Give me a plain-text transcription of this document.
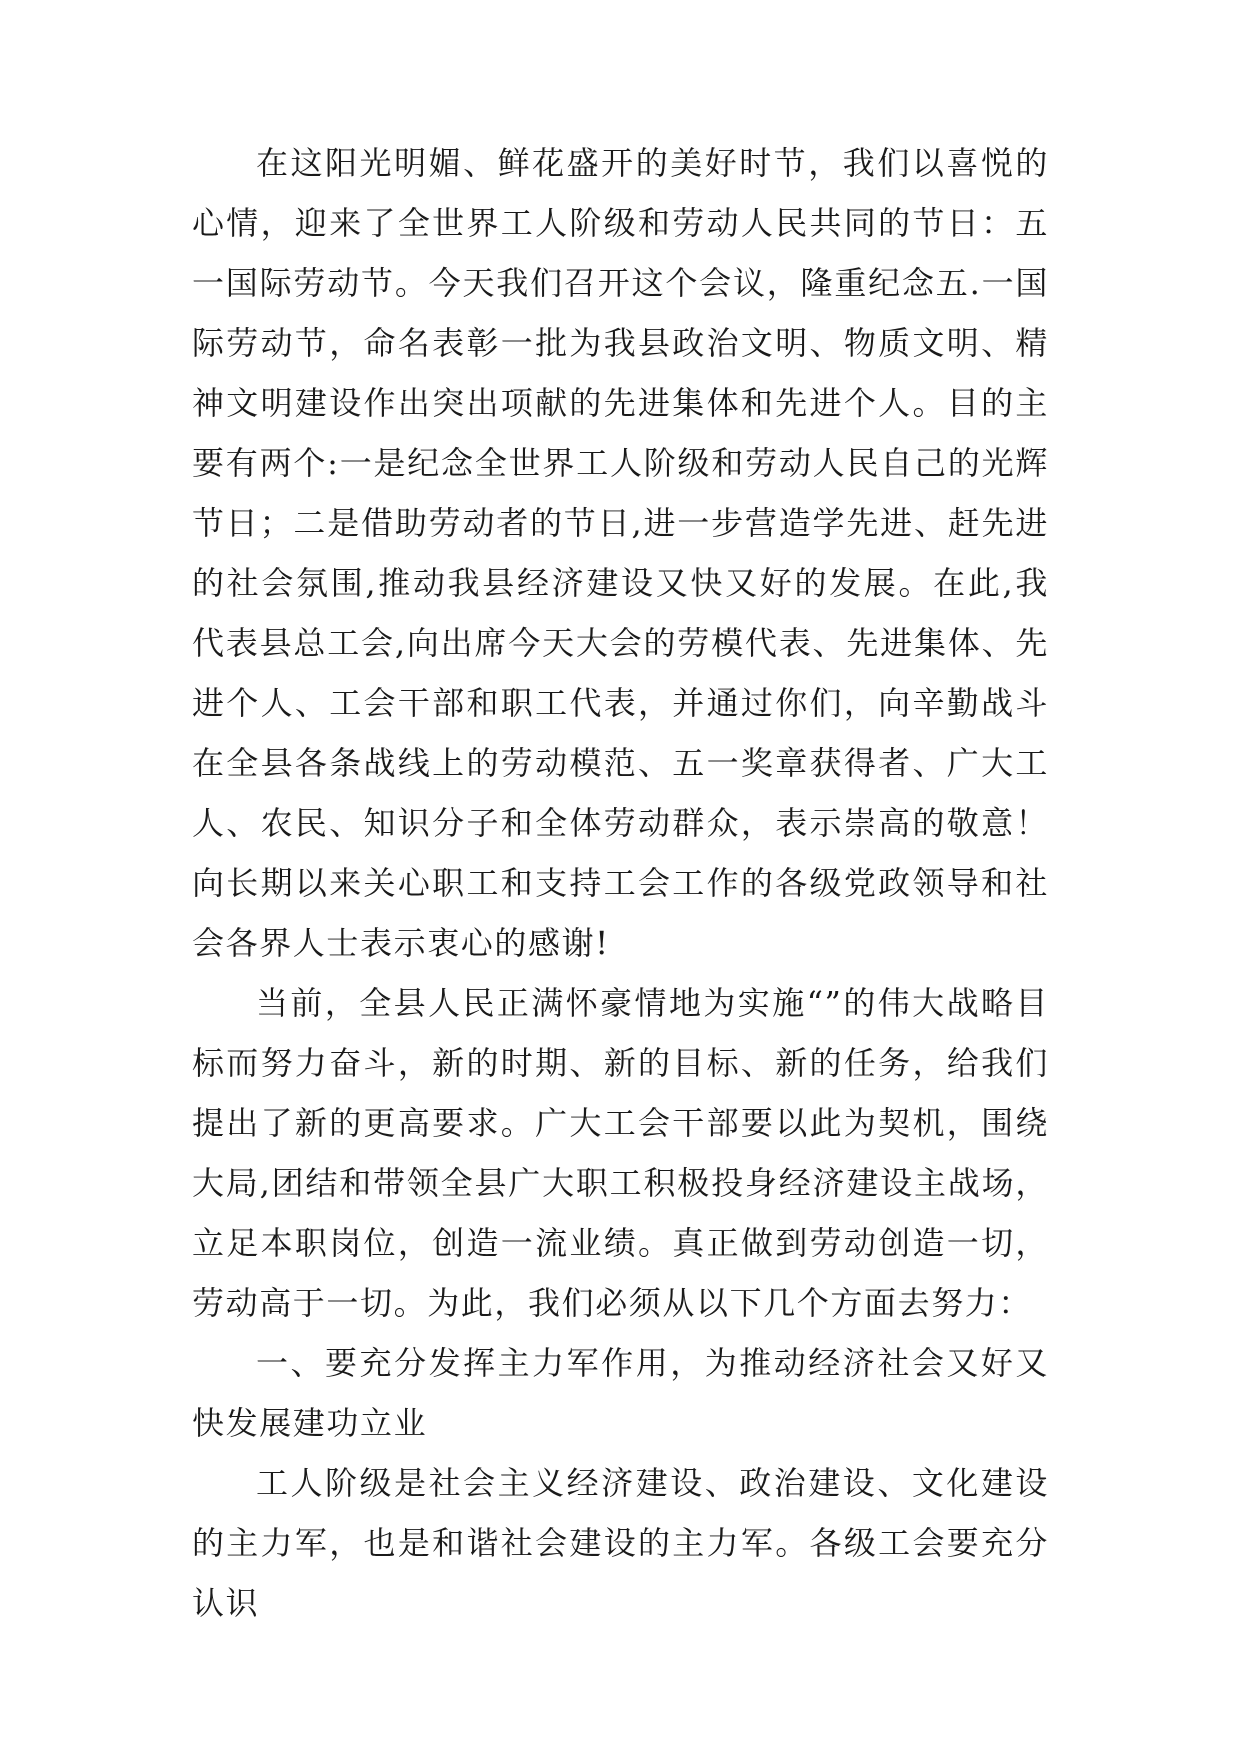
在这阳光明媚、鲜花盛开的美好时节，我们以喜悦的心情，迎来了全世界工人阶级和劳动人民共同的节日：五一国际劳动节。今天我们召开这个会议，隆重纪念五.一国际劳动节，命名表彰一批为我县政治文明、物质文明、精神文明建设作出突出项献的先进集体和先进个人。目的主要有两个:一是纪念全世界工人阶级和劳动人民自己的光辉节日；二是借助劳动者的节日,进一步营造学先进、赶先进的社会氛围,推动我县经济建设又快又好的发展。在此,我代表县总工会,向出席今天大会的劳模代表、先进集体、先进个人、工会干部和职工代表，并通过你们，向辛勤战斗在全县各条战线上的劳动模范、五一奖章获得者、广大工人、农民、知识分子和全体劳动群众，表示崇高的敬意！向长期以来关心职工和支持工会工作的各级党政领导和社会各界人士表示衷心的感谢!

当前，全县人民正满怀豪情地为实施“”的伟大战略目标而努力奋斗，新的时期、新的目标、新的任务，给我们提出了新的更高要求。广大工会干部要以此为契机，围绕大局,团结和带领全县广大职工积极投身经济建设主战场，立足本职岗位，创造一流业绩。真正做到劳动创造一切，劳动高于一切。为此，我们必须从以下几个方面去努力：

一、要充分发挥主力军作用，为推动经济社会又好又快发展建功立业

工人阶级是社会主义经济建设、政治建设、文化建设的主力军，也是和谐社会建设的主力军。各级工会要充分认识
